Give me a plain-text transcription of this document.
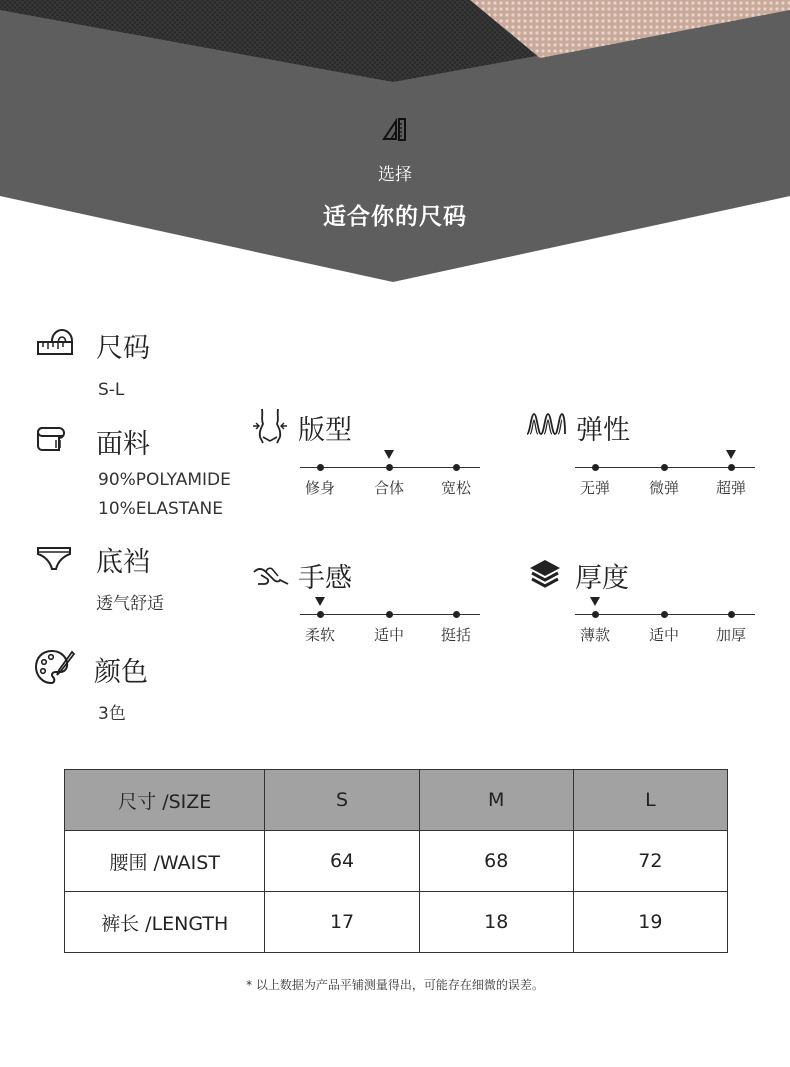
选择
适合你的尺码
尺码
S-L
面料
90%POLYAMIDE
10%ELASTANE
底裆
透气舒适
颜色
3色
版型
修身	合体	宽松
弹性
无弹	微弹	超弹
手感
柔软	适中	挺括
厚度
薄款	适中	加厚
尺寸 /SIZE	S	M	L
腰围 /WAIST	64	68	72
裤长 /LENGTH	17	18	19
* 以上数据为产品平铺测量得出，可能存在细微的误差。
